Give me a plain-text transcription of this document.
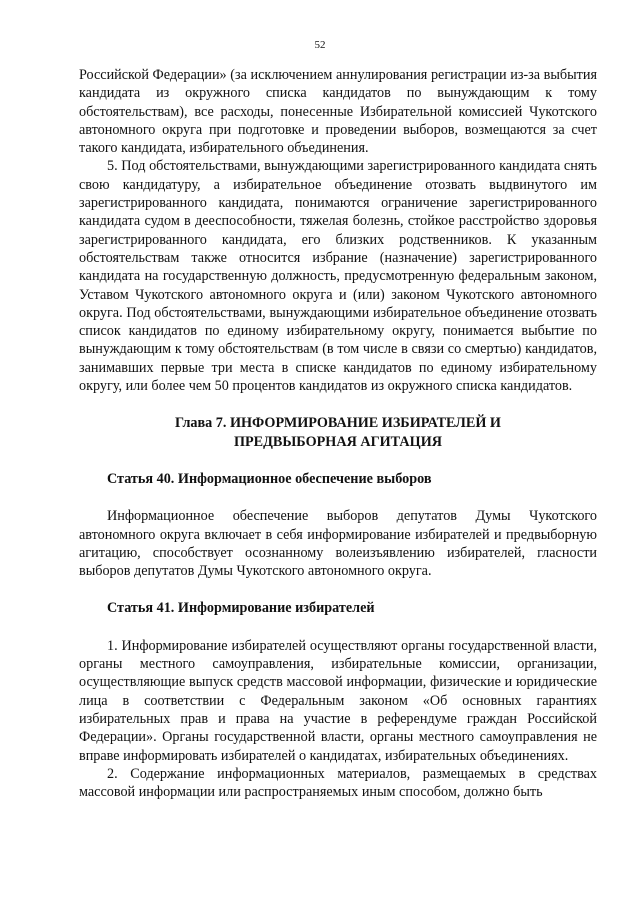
52

Российской Федерации» (за исключением аннулирования регистрации из-за выбытия кандидата из окружного списка кандидатов по вынуждающим к тому обстоятельствам), все расходы, понесенные Избирательной комиссией Чукотского автономного округа при подготовке и проведении выборов, возмещаются за счет такого кандидата, избирательного объединения.

5. Под обстоятельствами, вынуждающими зарегистрированного кандидата снять свою кандидатуру, а избирательное объединение отозвать выдвинутого им зарегистрированного кандидата, понимаются ограничение зарегистрированного кандидата судом в дееспособности, тяжелая болезнь, стойкое расстройство здоровья зарегистрированного кандидата, его близких родственников. К указанным обстоятельствам также относится избрание (назначение) зарегистрированного кандидата на государственную должность, предусмотренную федеральным законом, Уставом Чукотского автономного округа и (или) законом Чукотского автономного округа. Под обстоятельствами, вынуждающими избирательное объединение отозвать список кандидатов по единому избирательному округу, понимается выбытие по вынуждающим к тому обстоятельствам (в том числе в связи со смертью) кандидатов, занимавших первые три места в списке кандидатов по единому избирательному округу, или более чем 50 процентов кандидатов из окружного списка кандидатов.

Глава 7. ИНФОРМИРОВАНИЕ ИЗБИРАТЕЛЕЙ И
ПРЕДВЫБОРНАЯ АГИТАЦИЯ
Статья 40. Информационное обеспечение выборов

Информационное обеспечение выборов депутатов Думы Чукотского автономного округа включает в себя информирование избирателей и предвыборную агитацию, способствует осознанному волеизъявлению избирателей, гласности выборов депутатов Думы Чукотского автономного округа.

Статья 41. Информирование избирателей

1. Информирование избирателей осуществляют органы государственной власти, органы местного самоуправления, избирательные комиссии, организации, осуществляющие выпуск средств массовой информации, физические и юридические лица в соответствии с Федеральным законом «Об основных гарантиях избирательных прав и права на участие в референдуме граждан Российской Федерации». Органы государственной власти, органы местного самоуправления не вправе информировать избирателей о кандидатах, избирательных объединениях.

2. Содержание информационных материалов, размещаемых в средствах массовой информации или распространяемых иным способом, должно быть
